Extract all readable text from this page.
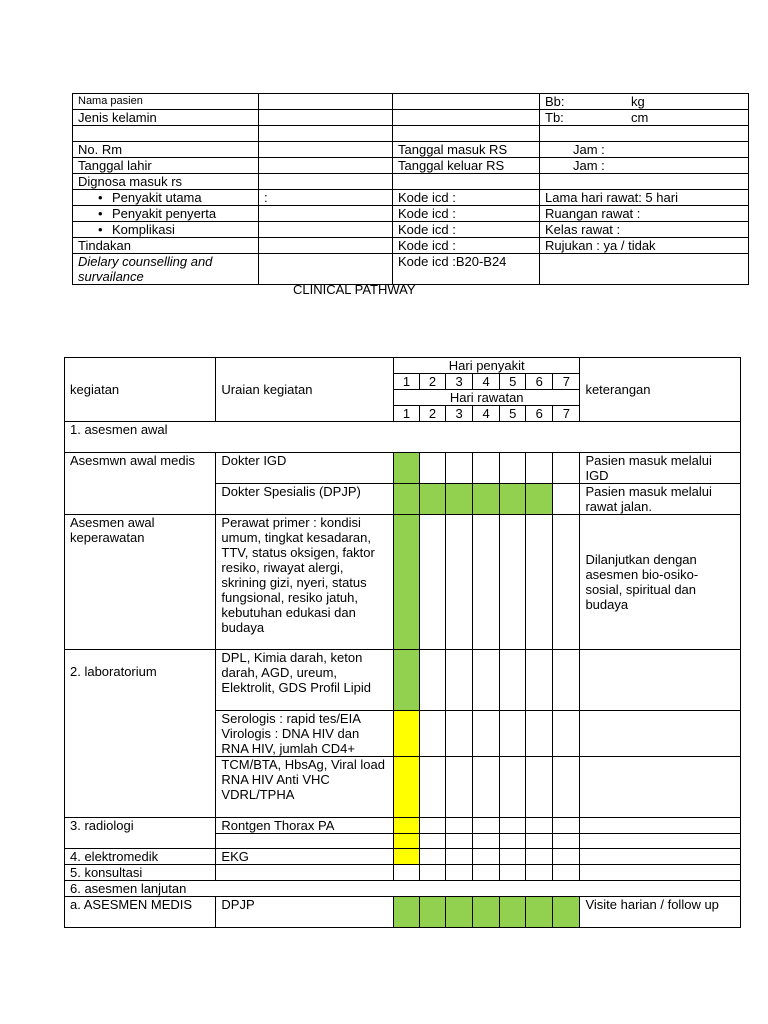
Nama pasien			Bb: kg
Jenis kelamin			Tb: cm

No. Rm		Tanggal masuk RS	Jam :
Tanggal lahir		Tanggal keluar RS	Jam :
Dignosa masuk rs			
• Penyakit utama	:	Kode icd :	Lama hari rawat: 5 hari
• Penyakit penyerta		Kode icd :	Ruangan rawat :
• Komplikasi		Kode icd :	Kelas rawat :
Tindakan		Kode icd :	Rujukan : ya / tidak
Dielary counselling and survailance		Kode icd :B20-B24	
CLINICAL PATHWAY
kegiatan	Uraian kegiatan	Hari penyakit							keterangan
		1	2	3	4	5	6	7	
		Hari rawatan							
		1	2	3	4	5	6	7	
1. asesmen awal									
Asesmwn awal medis	Dokter IGD								Pasien masuk melalui IGD
	Dokter Spesialis (DPJP)								Pasien masuk melalui rawat jalan.
Asesmen awal keperawatan	Perawat primer : kondisi umum, tingkat kesadaran, TTV, status oksigen, faktor resiko, riwayat alergi, skrining gizi, nyeri, status fungsional, resiko jatuh, kebutuhan edukasi dan budaya								Dilanjutkan dengan asesmen bio-osiko-sosial, spiritual dan budaya
2. laboratorium	DPL, Kimia darah, keton darah, AGD, ureum, Elektrolit, GDS Profil Lipid								
	Serologis : rapid tes/EIA Virologis : DNA HIV dan RNA HIV, jumlah CD4+								
	TCM/BTA, HbsAg, Viral load RNA HIV Anti VHC VDRL/TPHA								
3. radiologi	Rontgen Thorax PA								

4. elektromedik	EKG								
5. konsultasi									
6. asesmen lanjutan									
a. ASESMEN MEDIS	DPJP								Visite harian / follow up
